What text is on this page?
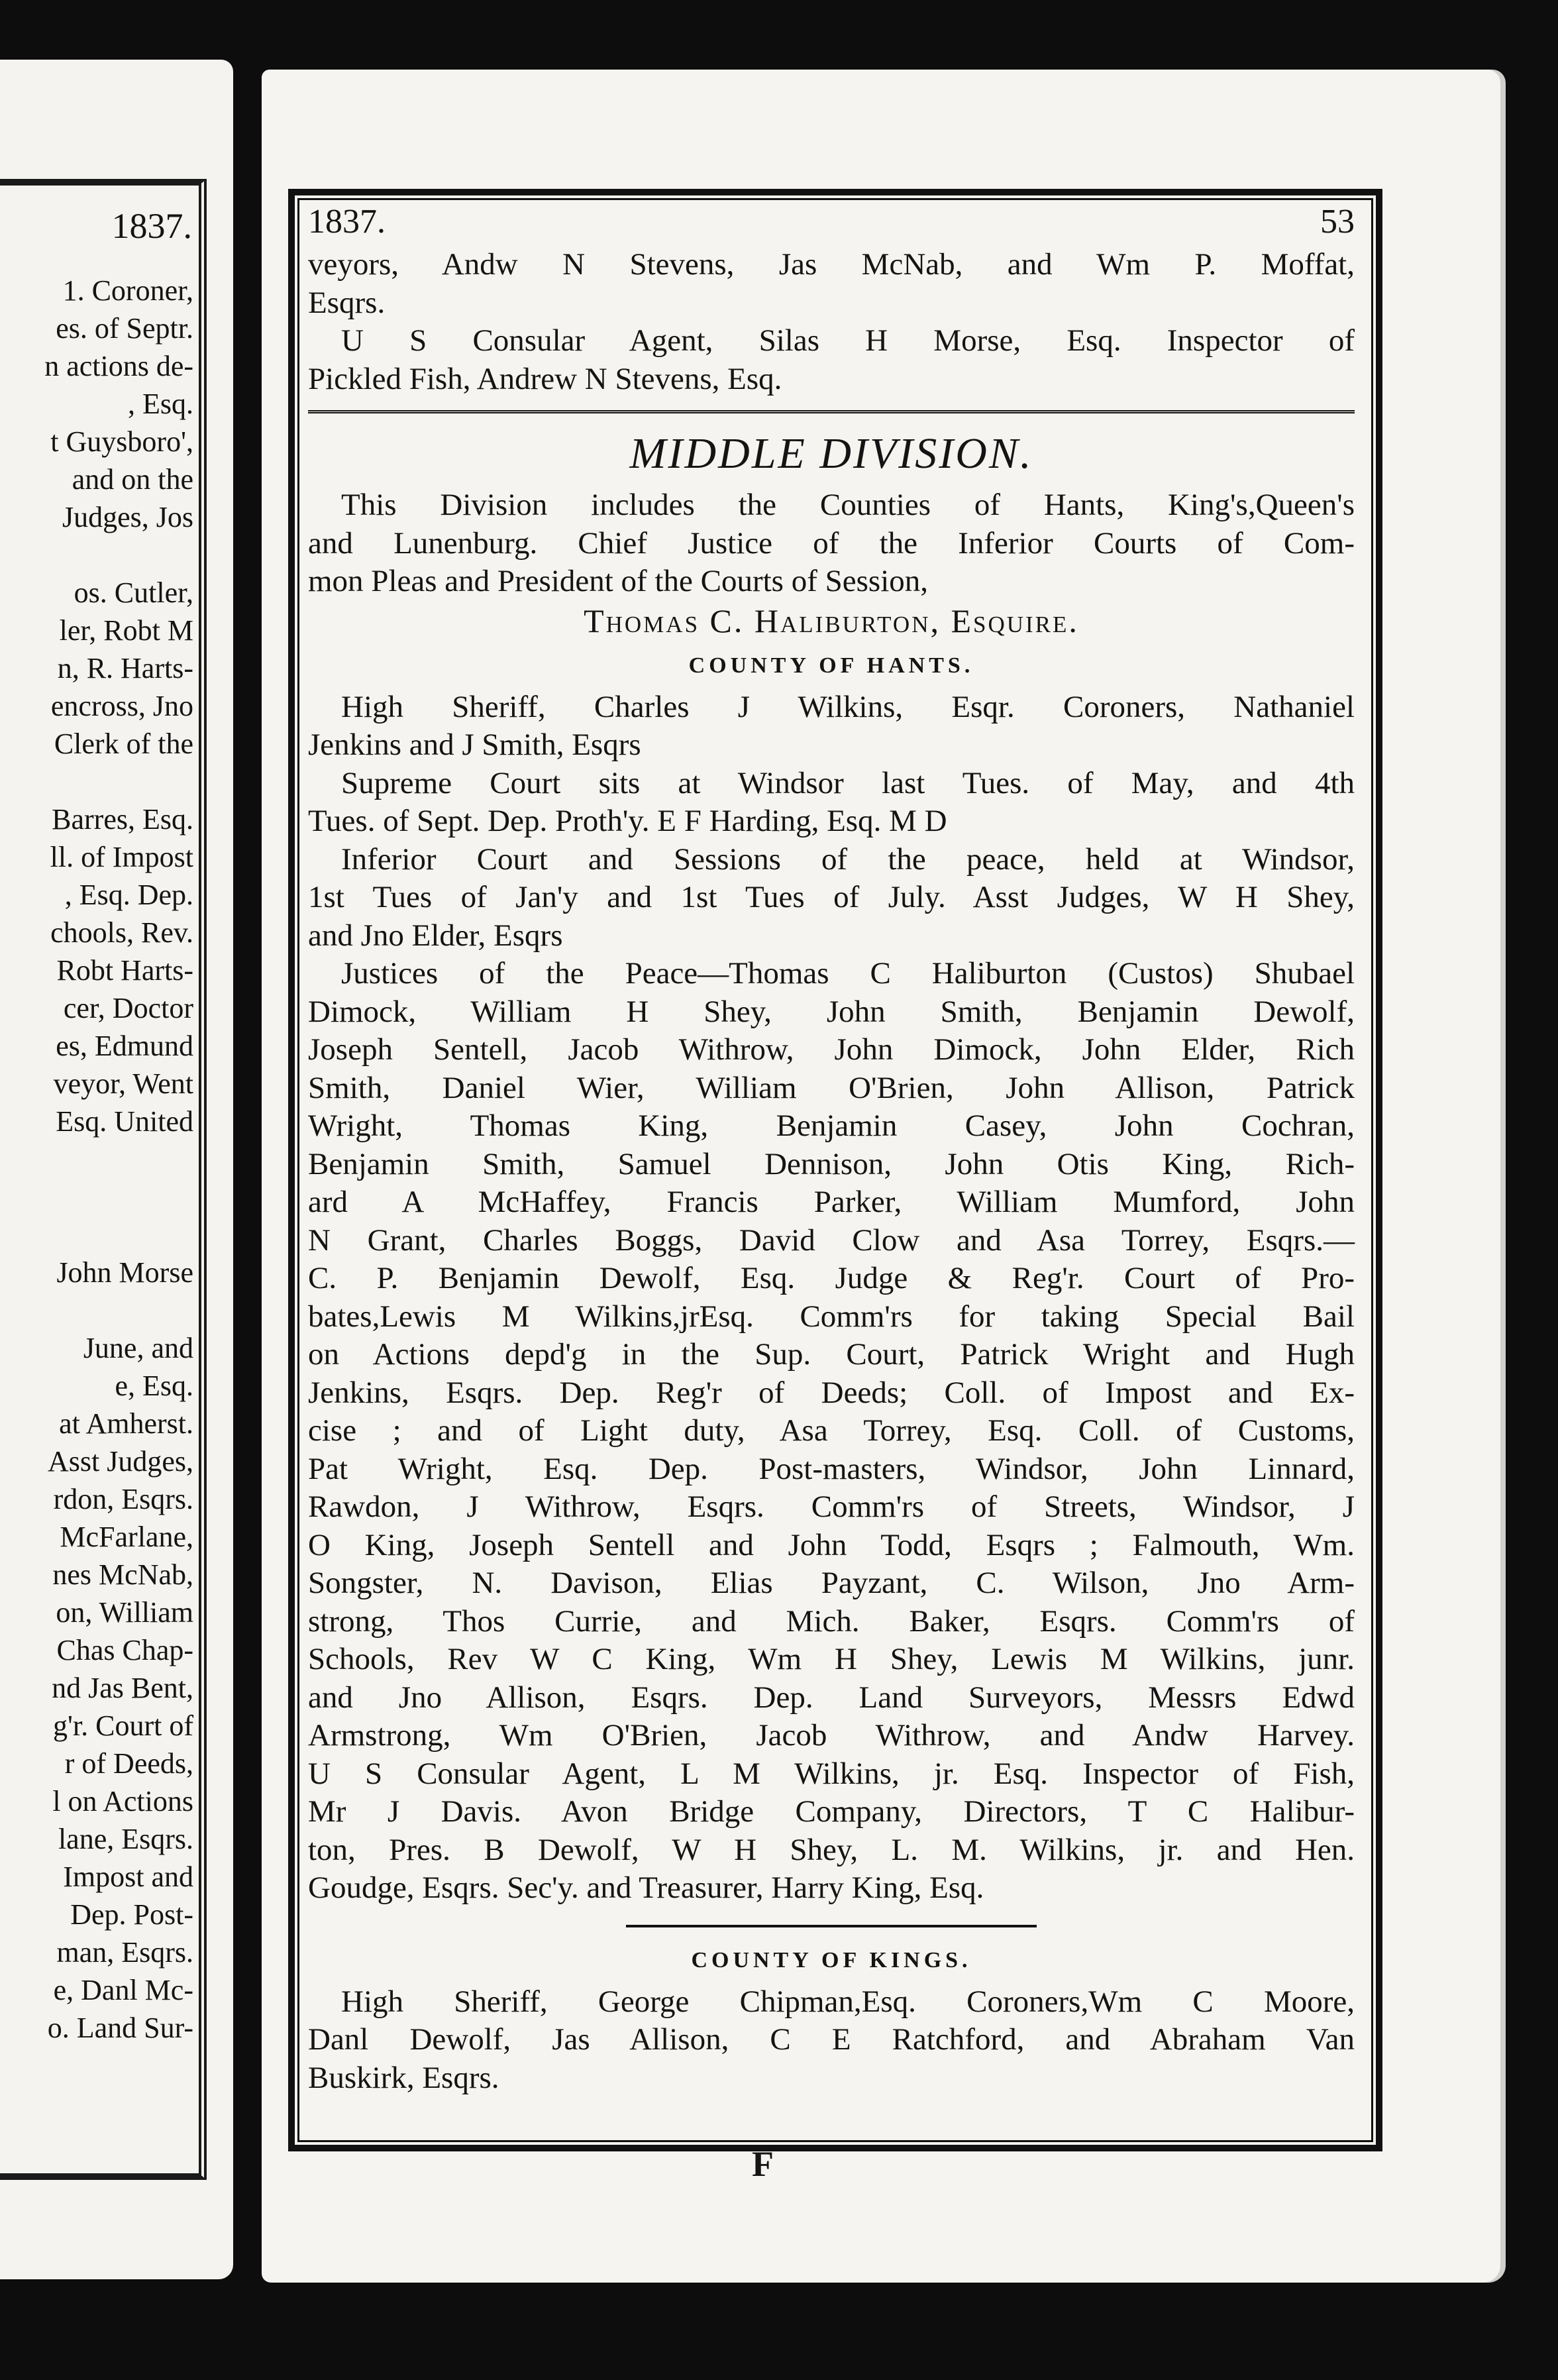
1837.
1. Coroner,
es. of Septr.
n actions de-
, Esq.
t Guysboro',
and on the
Judges, Jos
os. Cutler,
ler, Robt M
n, R. Harts-
encross, Jno
Clerk of the
Barres, Esq.
ll. of Impost
, Esq. Dep.
chools, Rev.
Robt Harts-
cer, Doctor
es, Edmund
veyor, Went
Esq. United
John Morse
June, and
e, Esq.
at Amherst.
Asst Judges,
rdon, Esqrs.
McFarlane,
nes McNab,
on, William
Chas Chap-
nd Jas Bent,
g'r. Court of
r of Deeds,
l on Actions
lane, Esqrs.
Impost and
Dep. Post-
man, Esqrs.
e, Danl Mc-
o. Land Sur-
1837.	53
veyors, Andw N Stevens, Jas McNab, and Wm P. Moffat,
Esqrs.
U S Consular Agent, Silas H Morse, Esq. Inspector of
Pickled Fish, Andrew N Stevens, Esq.
MIDDLE DIVISION.
This Division includes the Counties of Hants, King's,Queen's
and Lunenburg. Chief Justice of the Inferior Courts of Com-
mon Pleas and President of the Courts of Session,
Thomas C. Haliburton, Esquire.
COUNTY OF HANTS.
High Sheriff, Charles J Wilkins, Esqr. Coroners, Nathaniel
Jenkins and J Smith, Esqrs
Supreme Court sits at Windsor last Tues. of May, and 4th
Tues. of Sept. Dep. Proth'y. E F Harding, Esq. M D
Inferior Court and Sessions of the peace, held at Windsor,
1st Tues of Jan'y and 1st Tues of July. Asst Judges, W H Shey,
and Jno Elder, Esqrs
Justices of the Peace—Thomas C Haliburton (Custos) Shubael
Dimock, William H Shey, John Smith, Benjamin Dewolf,
Joseph Sentell, Jacob Withrow, John Dimock, John Elder, Rich
Smith, Daniel Wier, William O'Brien, John Allison, Patrick
Wright, Thomas King, Benjamin Casey, John Cochran,
Benjamin Smith, Samuel Dennison, John Otis King, Rich-
ard A McHaffey, Francis Parker, William Mumford, John
N Grant, Charles Boggs, David Clow and Asa Torrey, Esqrs.—
C. P. Benjamin Dewolf, Esq. Judge & Reg'r. Court of Pro-
bates,Lewis M Wilkins,jrEsq. Comm'rs for taking Special Bail
on Actions depd'g in the Sup. Court, Patrick Wright and Hugh
Jenkins, Esqrs. Dep. Reg'r of Deeds; Coll. of Impost and Ex-
cise ; and of Light duty, Asa Torrey, Esq. Coll. of Customs,
Pat Wright, Esq. Dep. Post-masters, Windsor, John Linnard,
Rawdon, J Withrow, Esqrs. Comm'rs of Streets, Windsor, J
O King, Joseph Sentell and John Todd, Esqrs ; Falmouth, Wm.
Songster, N. Davison, Elias Payzant, C. Wilson, Jno Arm-
strong, Thos Currie, and Mich. Baker, Esqrs. Comm'rs of
Schools, Rev W C King, Wm H Shey, Lewis M Wilkins, junr.
and Jno Allison, Esqrs. Dep. Land Surveyors, Messrs Edwd
Armstrong, Wm O'Brien, Jacob Withrow, and Andw Harvey.
U S Consular Agent, L M Wilkins, jr. Esq. Inspector of Fish,
Mr J Davis. Avon Bridge Company, Directors, T C Halibur-
ton, Pres. B Dewolf, W H Shey, L. M. Wilkins, jr. and Hen.
Goudge, Esqrs. Sec'y. and Treasurer, Harry King, Esq.
COUNTY OF KINGS.
High Sheriff, George Chipman,Esq. Coroners,Wm C Moore,
Danl Dewolf, Jas Allison, C E Ratchford, and Abraham Van
Buskirk, Esqrs.
F
